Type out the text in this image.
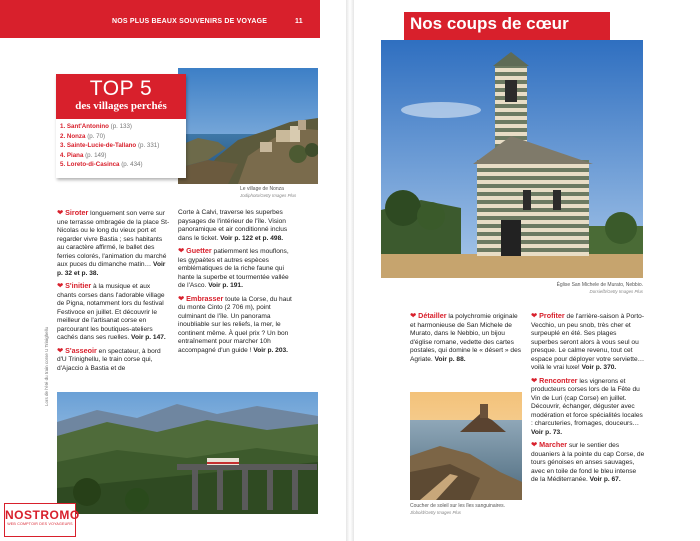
NOS PLUS BEAUX SOUVENIRS DE VOYAGE	11
Le village de Nonza
Jodiphoto/Getty Images Plus
TOP 5
des villages perchés
1. Sant'Antonino (p. 133)
2. Nonza (p. 70)
3. Sainte-Lucie-de-Tallano (p. 331)
4. Piana (p. 149)
5. Loreto-di-Casinca (p. 434)

❤ Siroter longuement son verre sur une terrasse ombragée de la place St-Nicolas ou le long du vieux port et regarder vivre Bastia ; ses habitants au caractère affirmé, le ballet des ferries colorés, l'animation du marché aux puces du dimanche matin… Voir p. 32 et p. 38.

❤ S'initier à la musique et aux chants corses dans l'adorable village de Pigna, notamment lors du festival Festivoce en juillet. Et découvrir le meilleur de l'artisanat corse en parcourant les boutiques-ateliers cachés dans ses ruelles. Voir p. 147.

❤ S'asseoir en spectateur, à bord d'U Trinighellu, le train corse qui, d'Ajaccio à Bastia et de

Corte à Calvi, traverse les superbes paysages de l'intérieur de l'île. Vision panoramique et air conditionné inclus dans le ticket. Voir p. 122 et p. 498.

❤ Guetter patiemment les mouflons, les gypaètes et autres espèces emblématiques de la riche faune qui hante la superbe et tourmentée vallée de l'Asco. Voir p. 191.

❤ Embrasser toute la Corse, du haut du monte Cinto (2 706 m), point culminant de l'île. Un panorama inoubliable sur les reliefs, la mer, le continent même. À quel prix ? Un bon entraînement pour marcher 10h accompagné d'un guide ! Voir p. 203.

Lors de l'été du train corse U Trinighellu
NOSTROMO
WEB COMPTOIR DES VOYAGEURS
Nos coups de cœur
Église San Michele de Murato, Nebbio.
Dorsiefb/Getty Images Plus

❤ Détailler la polychromie originale et harmonieuse de San Michele de Murato, dans le Nebbio, un bijou d'église romane, vedette des cartes postales, qui domine le « désert » des Agriate. Voir p. 88.

Coucher de soleil sur les îles sanguinaires.
Jlobold/Getty Images Plus

❤ Profiter de l'arrière-saison à Porto-Vecchio, un peu snob, très cher et surpeuplé en été. Ses plages superbes seront alors à vous seul ou presque. Le calme revenu, tout cet espace pour déployer votre serviette… voilà le vrai luxe! Voir p. 370.

❤ Rencontrer les vignerons et producteurs corses lors de la Fête du Vin de Luri (cap Corse) en juillet. Découvrir, échanger, déguster avec modération et force spécialités locales : charcuteries, fromages, douceurs… Voir p. 73.

❤ Marcher sur le sentier des douaniers à la pointe du cap Corse, de tours génoises en anses sauvages, avec en toile de fond le bleu intense de la Méditerranée. Voir p. 67.
